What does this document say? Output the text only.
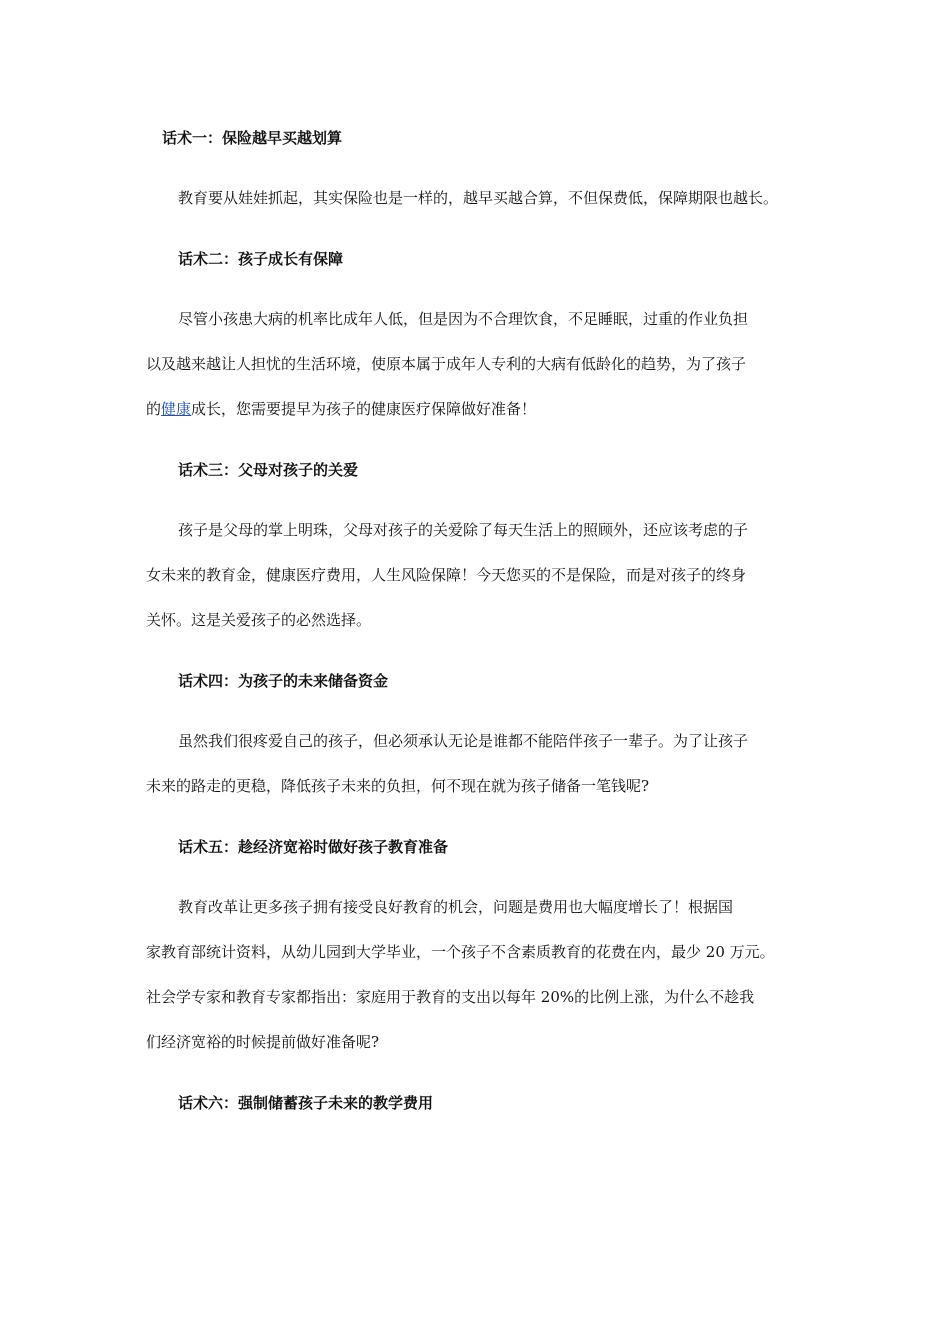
话术一：保险越早买越划算
教育要从娃娃抓起，其实保险也是一样的，越早买越合算，不但保费低，保障期限也越长。
话术二：孩子成长有保障
尽管小孩患大病的机率比成年人低，但是因为不合理饮食，不足睡眠，过重的作业负担
以及越来越让人担忧的生活环境，使原本属于成年人专利的大病有低龄化的趋势，为了孩子
的健康成长，您需要提早为孩子的健康医疗保障做好准备！
话术三：父母对孩子的关爱
孩子是父母的掌上明珠，父母对孩子的关爱除了每天生活上的照顾外，还应该考虑的子
女未来的教育金，健康医疗费用，人生风险保障！今天您买的不是保险，而是对孩子的终身
关怀。这是关爱孩子的必然选择。
话术四：为孩子的未来储备资金
虽然我们很疼爱自己的孩子，但必须承认无论是谁都不能陪伴孩子一辈子。为了让孩子
未来的路走的更稳，降低孩子未来的负担，何不现在就为孩子储备一笔钱呢?
话术五：趁经济宽裕时做好孩子教育准备
教育改革让更多孩子拥有接受良好教育的机会，问题是费用也大幅度增长了！根据国
家教育部统计资料，从幼儿园到大学毕业，一个孩子不含素质教育的花费在内，最少 20 万元。
社会学专家和教育专家都指出：家庭用于教育的支出以每年 20%的比例上涨，为什么不趁我
们经济宽裕的时候提前做好准备呢?
话术六：强制储蓄孩子未来的教学费用
